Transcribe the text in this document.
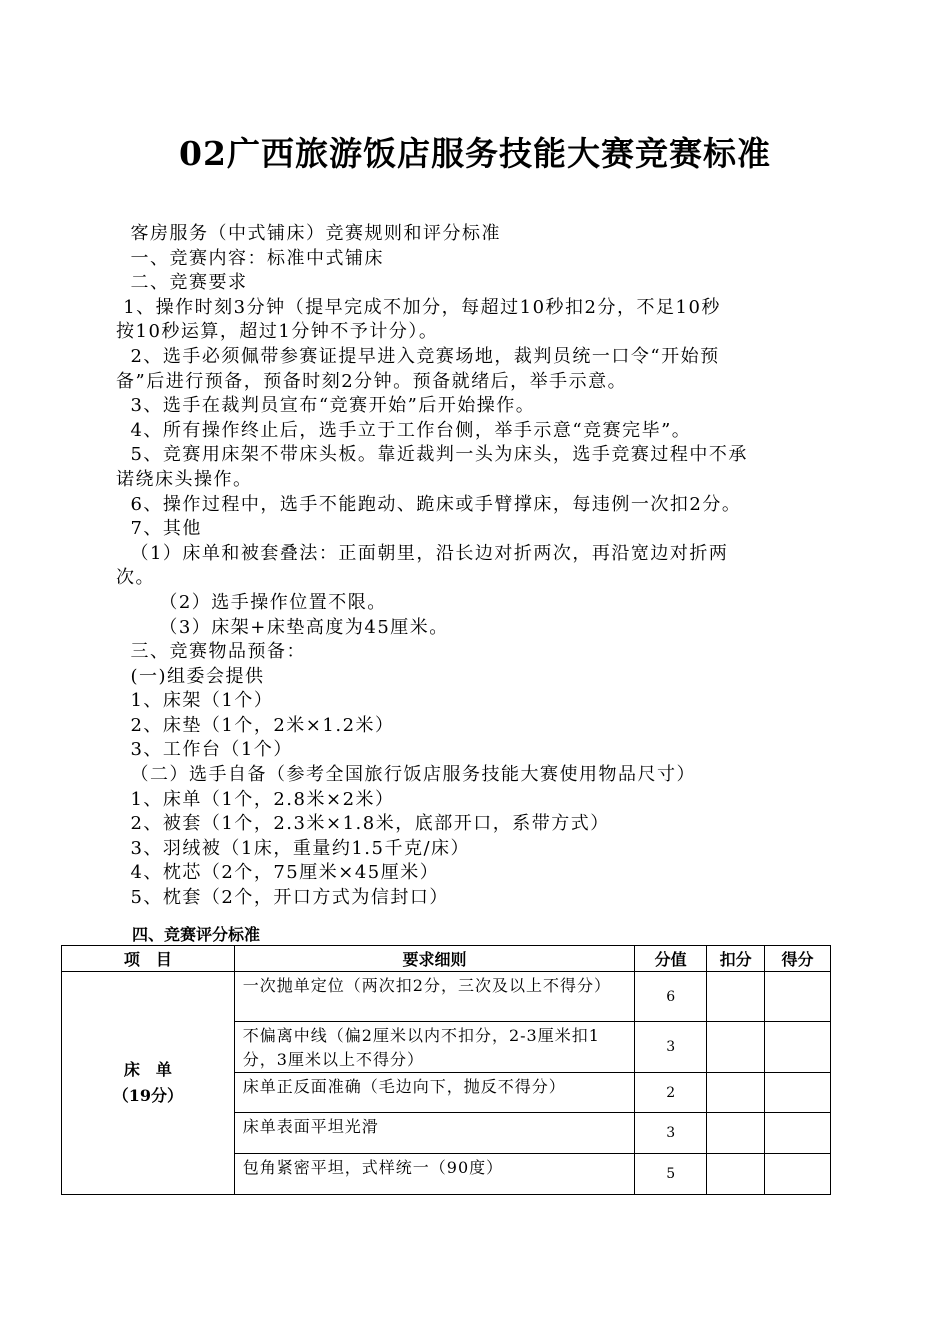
02广西旅游饭店服务技能大赛竞赛标准

客房服务（中式铺床）竞赛规则和评分标准

一、竞赛内容：标准中式铺床

二、竞赛要求

1、操作时刻3分钟（提早完成不加分，每超过10秒扣2分，不足10秒

按10秒运算，超过1分钟不予计分）。

2、选手必须佩带参赛证提早进入竞赛场地，裁判员统一口令“开始预

备”后进行预备，预备时刻2分钟。预备就绪后，举手示意。

3、选手在裁判员宣布“竞赛开始”后开始操作。

4、所有操作终止后，选手立于工作台侧，举手示意“竞赛完毕”。

5、竞赛用床架不带床头板。靠近裁判一头为床头，选手竞赛过程中不承

诺绕床头操作。

6、操作过程中，选手不能跑动、跪床或手臂撑床，每违例一次扣2分。

7、其他

（1）床单和被套叠法：正面朝里，沿长边对折两次，再沿宽边对折两

次。

（2）选手操作位置不限。

（3）床架+床垫高度为45厘米。

三、竞赛物品预备：

(一)组委会提供

1、床架（1个）

2、床垫（1个，2米×1.2米）

3、工作台（1个）

（二）选手自备（参考全国旅行饭店服务技能大赛使用物品尺寸）

1、床单（1个，2.8米×2米）

2、被套（1个，2.3米×1.8米，底部开口，系带方式）

3、羽绒被（1床，重量约1.5千克/床）

4、枕芯（2个，75厘米×45厘米）

5、枕套（2个，开口方式为信封口）

四、竞赛评分标准
项　目	要求细则	分值	扣分	得分

床　单
（19分）	一次抛单定位（两次扣2分，三次及以上不得分）	6		
	不偏离中线（偏2厘米以内不扣分，2-3厘米扣1分，3厘米以上不得分）	3		
	床单正反面准确（毛边向下，抛反不得分）	2		
	床单表面平坦光滑	3		
	包角紧密平坦，式样统一（90度）	5		
